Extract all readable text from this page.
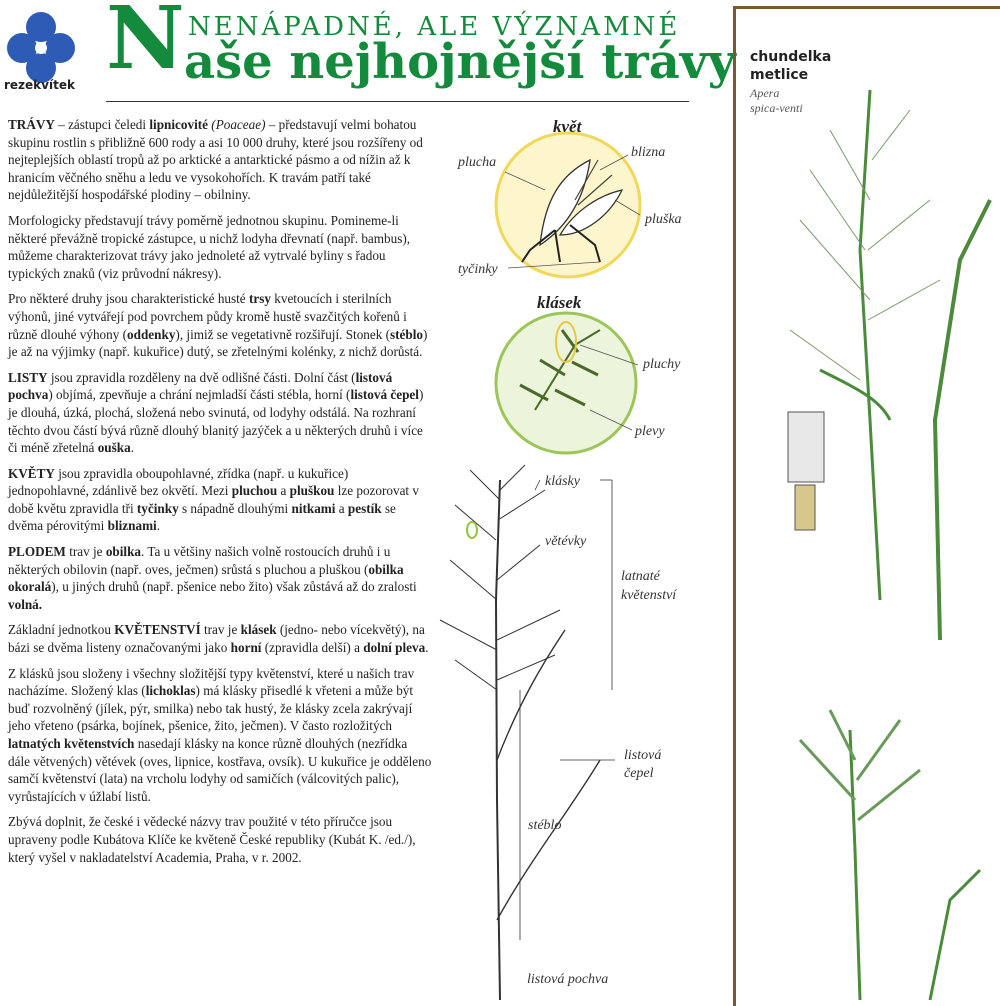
rezekvítek N NENÁPADNÉ, ALE VÝZNAMNÉ
aše nejhojnější trávy

TRÁVY – zástupci čeledi lipnicovité (Poaceae) – představují velmi bohatou skupinu rostlin s přibližně 600 rody a asi 10 000 druhy, které jsou rozšířeny od nejteplejších oblastí tropů až po arktické a antarktické pásmo a od nížin až k hranicím věčného sněhu a ledu ve vysokohořích. K travám patří také nejdůležitější hospodářské plodiny – obilniny.

Morfologicky představují trávy poměrně jednotnou skupinu. Pomineme-li některé převážně tropické zástupce, u nichž lodyha dřevnatí (např. bambus), můžeme charakterizovat trávy jako jednoleté až vytrvalé byliny s řadou typických znaků (viz průvodní nákresy).

Pro některé druhy jsou charakteristické husté trsy kvetoucích i sterilních výhonů, jiné vytvářejí pod povrchem půdy kromě hustě svazčitých kořenů i různě dlouhé výhony (oddenky), jimiž se vegetativně rozšiřují. Stonek (stéblo) je až na výjimky (např. kukuřice) dutý, se zřetelnými kolénky, z nichž dorůstá.

LISTY jsou zpravidla rozděleny na dvě odlišné části. Dolní část (listová pochva) objímá, zpevňuje a chrání nejmladší části stébla, horní (listová čepel) je dlouhá, úzká, plochá, složená nebo svinutá, od lodyhy odstálá. Na rozhraní těchto dvou částí bývá různě dlouhý blanitý jazýček a u některých druhů i více či méně zřetelná ouška.

KVĚTY jsou zpravidla oboupohlavné, zřídka (např. u kukuřice) jednopohlavné, zdánlivě bez okvětí. Mezi pluchou a pluškou lze pozorovat v době květu zpravidla tři tyčinky s nápadně dlouhými nitkami a pestík se dvěma pérovitými bliznami.

PLODEM trav je obilka. Ta u většiny našich volně rostoucích druhů i u některých obilovin (např. oves, ječmen) srůstá s pluchou a pluškou (obilka okoralá), u jiných druhů (např. pšenice nebo žito) však zůstává až do zralosti volná.

Základní jednotkou KVĚTENSTVÍ trav je klásek (jedno- nebo vícekvětý), na bázi se dvěma listeny označovanými jako horní (zpravidla delší) a dolní pleva.

Z klásků jsou složeny i všechny složitější typy květenství, které u našich trav nacházíme. Složený klas (lichoklas) má klásky přisedlé k vřeteni a může být buď rozvolněný (jílek, pýr, smilka) nebo tak hustý, že klásky zcela zakrývají jeho vřeteno (psárka, bojínek, pšenice, žito, ječmen). V často rozložitých latnatých květenstvích nasedají klásky na konce různě dlouhých (nezřídka dále větvených) větévek (oves, lipnice, kostřava, ovsík). U kukuřice je odděleno samčí květenství (lata) na vrcholu lodyhy od samičích (válcovitých palic), vyrůstajících v úžlabí listů.

Zbývá doplnit, že české i vědecké názvy trav použité v této příručce jsou upraveny podle Kubátova Klíče ke květeně České republiky (Kubát K. /ed./), který vyšel v nakladatelství Academia, Praha, v r. 2002.

květ
plucha
blizna
pluška
tyčinky
klásek
pluchy
plevy
klásky
větévky
latnaté
květenství
listová
čepel
stéblo
listová pochva
chundelka
metlice
Apera
spica-venti
